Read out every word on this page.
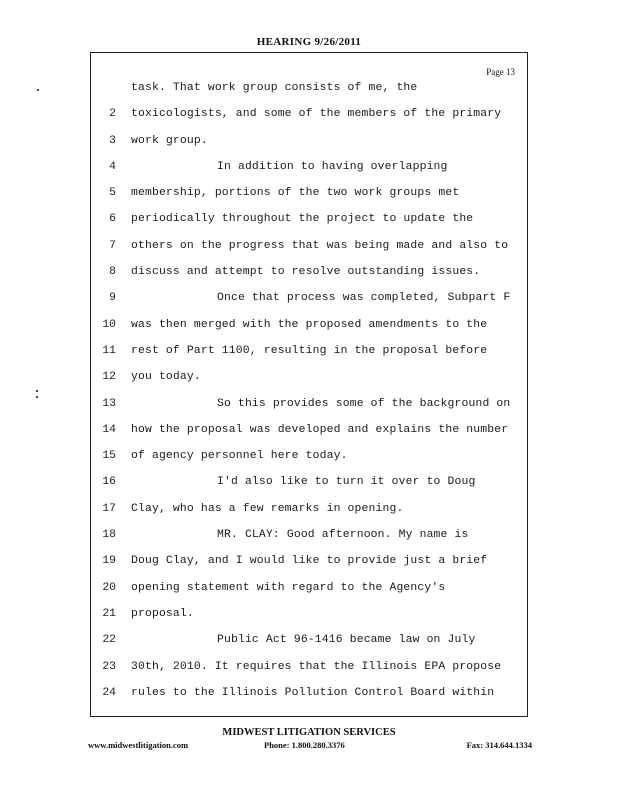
HEARING 9/26/2011
Page 13
task. That work group consists of me, the
2 toxicologists, and some of the members of the primary
3 work group.
4	In addition to having overlapping
5 membership, portions of the two work groups met
6 periodically throughout the project to update the
7 others on the progress that was being made and also to
8 discuss and attempt to resolve outstanding issues.
9	Once that process was completed, Subpart F
10 was then merged with the proposed amendments to the
11 rest of Part 1100, resulting in the proposal before
12 you today.
13	So this provides some of the background on
14 how the proposal was developed and explains the number
15 of agency personnel here today.
16	I'd also like to turn it over to Doug
17 Clay, who has a few remarks in opening.
18	MR. CLAY: Good afternoon. My name is
19 Doug Clay, and I would like to provide just a brief
20 opening statement with regard to the Agency's
21 proposal.
22	Public Act 96-1416 became law on July
23 30th, 2010. It requires that the Illinois EPA propose
24 rules to the Illinois Pollution Control Board within
MIDWEST LITIGATION SERVICES
www.midwestlitigation.com	Phone: 1.800.280.3376	Fax: 314.644.1334
